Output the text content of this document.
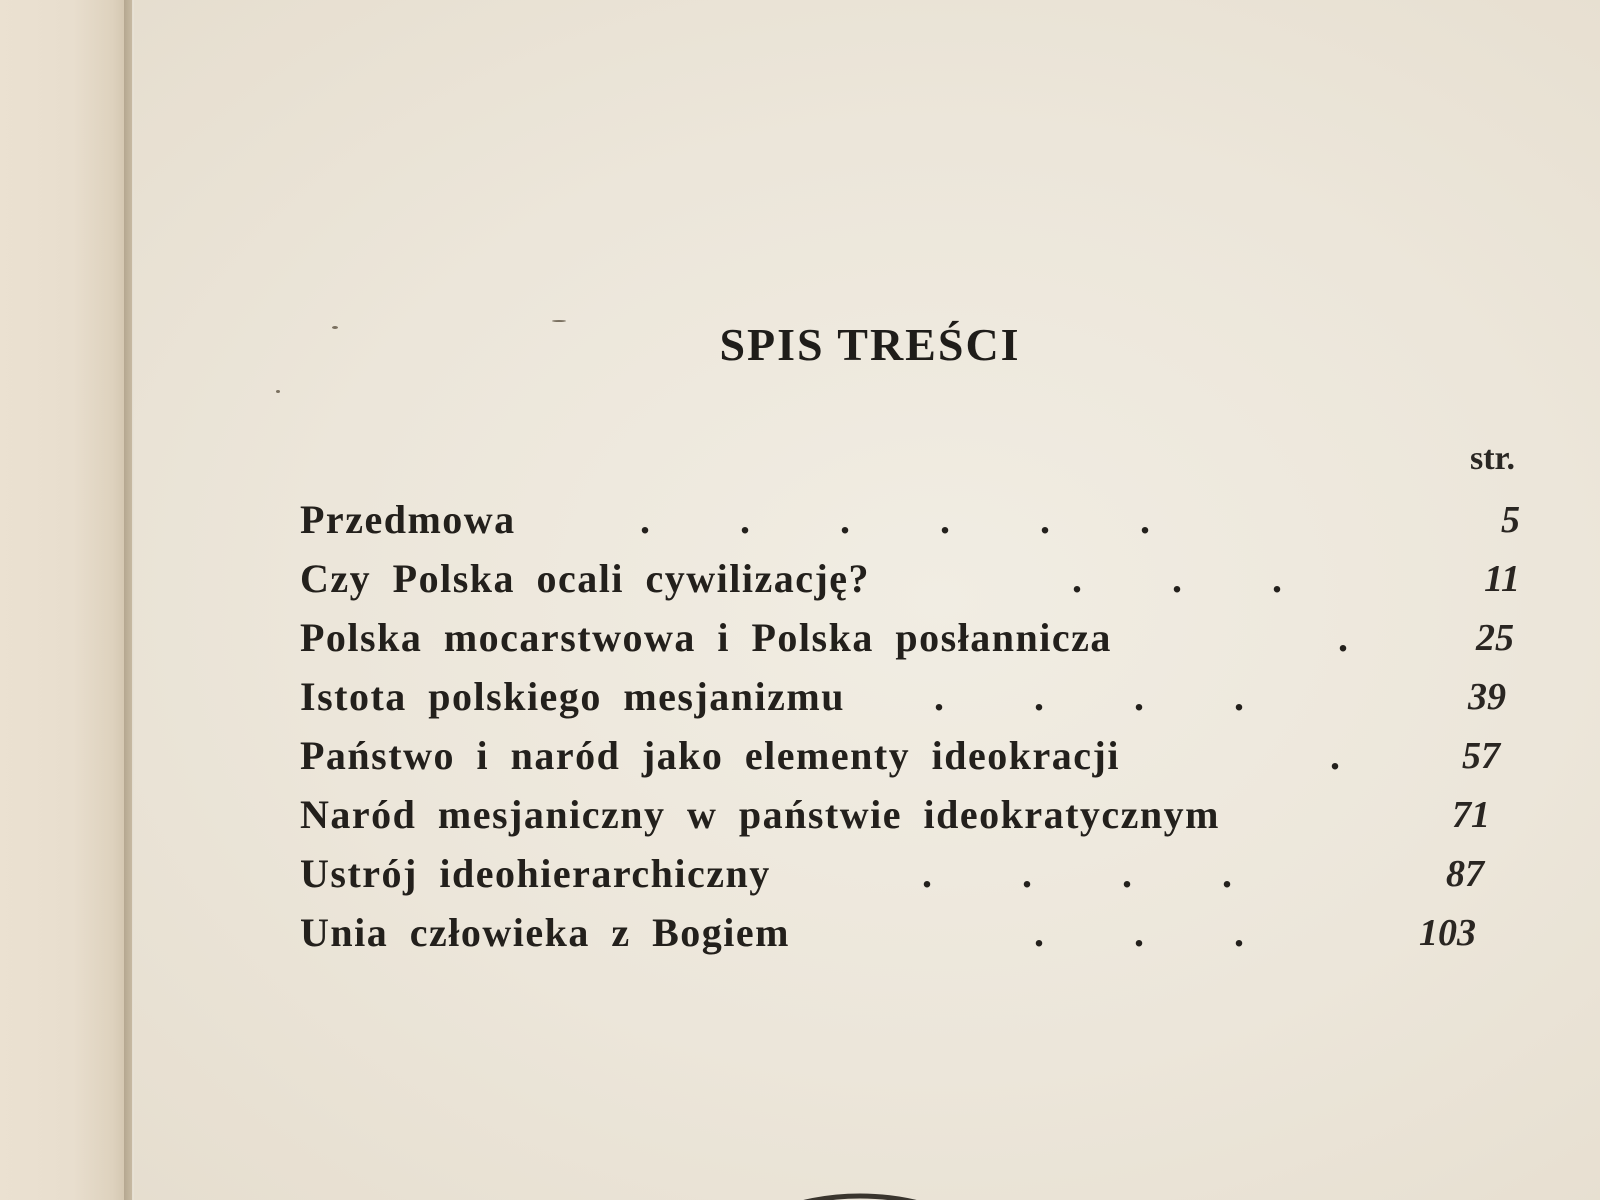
SPIS TREŚCI
str.
Przedmowa	.         .         .         .         .         .	5
Czy Polska ocali cywilizację?	.         .         .	11
Polska mocarstwowa i Polska posłannicza	.	25
Istota polskiego mesjanizmu .         .         .         .	39
Państwo i naród jako elementy ideokracji	.	57
Naród mesjaniczny w państwie ideokratycznym	71
Ustrój ideohierarchiczny	.         .         .         .	87
Unia człowieka z Bogiem	.         .         .	103
